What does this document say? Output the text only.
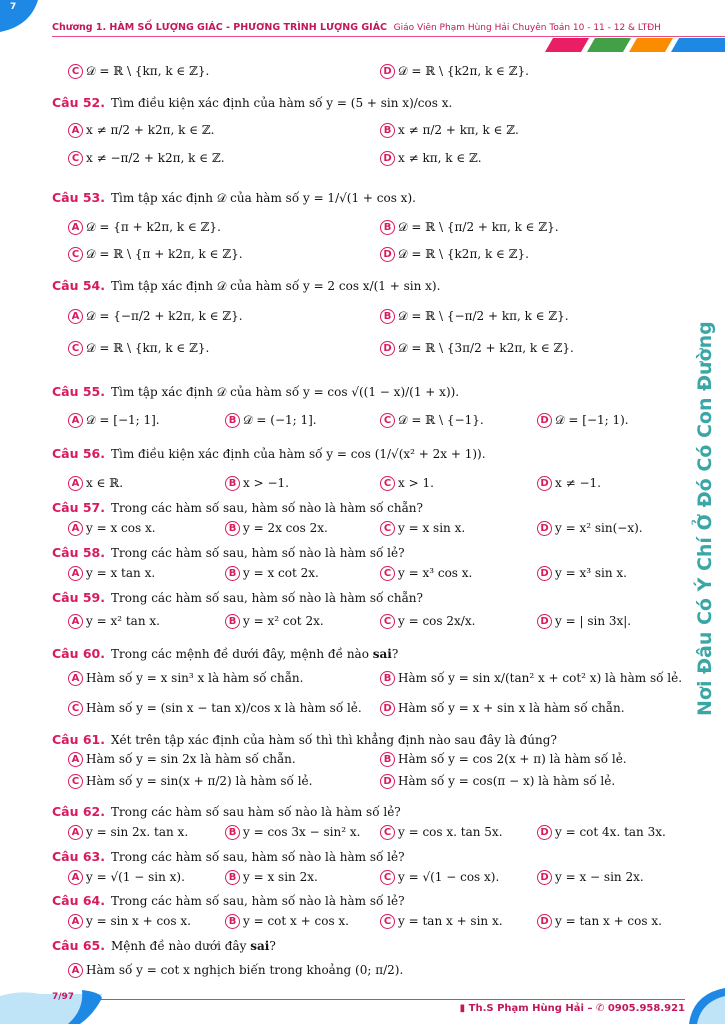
7
Chương 1. HÀM SỐ LƯỢNG GIÁC - PHƯƠNG TRÌNH LƯỢNG GIÁC Giáo Viên Phạm Hùng Hải Chuyên Toán 10 - 11 - 12 & LTĐH
Nơi Đâu Có Ý Chí Ở Đó Có Con Đường
C 𝒟 = ℝ \ {kπ, k ∈ ℤ}.	D 𝒟 = ℝ \ {k2π, k ∈ ℤ}.
Câu 52. Tìm điều kiện xác định của hàm số y = (5 + sin x)/cos x.
A x ≠ π/2 + k2π, k ∈ ℤ.	B x ≠ π/2 + kπ, k ∈ ℤ.
C x ≠ −π/2 + k2π, k ∈ ℤ.	D x ≠ kπ, k ∈ ℤ.
Câu 53. Tìm tập xác định 𝒟 của hàm số y = 1/√(1 + cos x).
A 𝒟 = {π + k2π, k ∈ ℤ}.	B 𝒟 = ℝ \ {π/2 + kπ, k ∈ ℤ}.
C 𝒟 = ℝ \ {π + k2π, k ∈ ℤ}.	D 𝒟 = ℝ \ {k2π, k ∈ ℤ}.
Câu 54. Tìm tập xác định 𝒟 của hàm số y = 2 cos x/(1 + sin x).
A 𝒟 = {−π/2 + k2π, k ∈ ℤ}.	B 𝒟 = ℝ \ {−π/2 + kπ, k ∈ ℤ}.
C 𝒟 = ℝ \ {kπ, k ∈ ℤ}.	D 𝒟 = ℝ \ {3π/2 + k2π, k ∈ ℤ}.
Câu 55. Tìm tập xác định 𝒟 của hàm số y = cos √((1 − x)/(1 + x)).
A 𝒟 = [−1; 1].	B 𝒟 = (−1; 1].	C 𝒟 = ℝ \ {−1}.	D 𝒟 = [−1; 1).
Câu 56. Tìm điều kiện xác định của hàm số y = cos (1/√(x² + 2x + 1)).
A x ∈ ℝ.	B x > −1.	C x > 1.	D x ≠ −1.
Câu 57. Trong các hàm số sau, hàm số nào là hàm số chẵn?
A y = x cos x.	B y = 2x cos 2x.	C y = x sin x.	D y = x² sin(−x).
Câu 58. Trong các hàm số sau, hàm số nào là hàm số lẻ?
A y = x tan x.	B y = x cot 2x.	C y = x³ cos x.	D y = x³ sin x.
Câu 59. Trong các hàm số sau, hàm số nào là hàm số chẵn?
A y = x² tan x.	B y = x² cot 2x.	C y = cos 2x/x.	D y = | sin 3x|.
Câu 60. Trong các mệnh đề dưới đây, mệnh đề nào sai?
A Hàm số y = x sin³ x là hàm số chẵn.	B Hàm số y = sin x/(tan² x + cot² x) là hàm số lẻ.
C Hàm số y = (sin x − tan x)/cos x là hàm số lẻ.	D Hàm số y = x + sin x là hàm số chẵn.
Câu 61. Xét trên tập xác định của hàm số thì thì khẳng định nào sau đây là đúng?
A Hàm số y = sin 2x là hàm số chẵn.	B Hàm số y = cos 2(x + π) là hàm số lẻ.
C Hàm số y = sin(x + π/2) là hàm số lẻ.	D Hàm số y = cos(π − x) là hàm số lẻ.
Câu 62. Trong các hàm số sau hàm số nào là hàm số lẻ?
A y = sin 2x. tan x.	B y = cos 3x − sin² x.	C y = cos x. tan 5x.	D y = cot 4x. tan 3x.
Câu 63. Trong các hàm số sau, hàm số nào là hàm số lẻ?
A y = √(1 − sin x).	B y = x sin 2x.	C y = √(1 − cos x).	D y = x − sin 2x.
Câu 64. Trong các hàm số sau, hàm số nào là hàm số lẻ?
A y = sin x + cos x.	B y = cot x + cos x.	C y = tan x + sin x.	D y = tan x + cos x.
Câu 65. Mệnh đề nào dưới đây sai?
A Hàm số y = cot x nghịch biến trong khoảng (0; π/2).
7/97
▮ Th.S Phạm Hùng Hải – ✆ 0905.958.921
